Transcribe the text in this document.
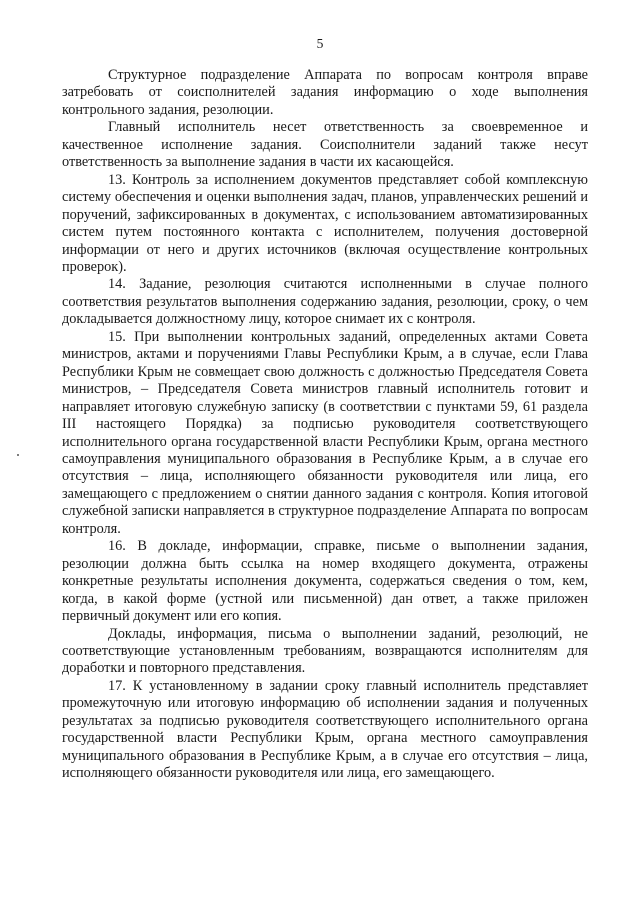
5

Структурное подразделение Аппарата по вопросам контроля вправе затребовать от соисполнителей задания информацию о ходе выполнения контрольного задания, резолюции.

Главный исполнитель несет ответственность за своевременное и качественное исполнение задания. Соисполнители заданий также несут ответственность за выполнение задания в части их касающейся.

13. Контроль за исполнением документов представляет собой комплексную систему обеспечения и оценки выполнения задач, планов, управленческих решений и поручений, зафиксированных в документах, с использованием автоматизированных систем путем постоянного контакта с исполнителем, получения достоверной информации от него и других источников (включая осуществление контрольных проверок).

14. Задание, резолюция считаются исполненными в случае полного соответствия результатов выполнения содержанию задания, резолюции, сроку, о чем докладывается должностному лицу, которое снимает их с контроля.

15. При выполнении контрольных заданий, определенных актами Совета министров, актами и поручениями Главы Республики Крым, а в случае, если Глава Республики Крым не совмещает свою должность с должностью Председателя Совета министров, – Председателя Совета министров главный исполнитель готовит и направляет итоговую служебную записку (в соответствии с пунктами 59, 61 раздела III настоящего Порядка) за подписью руководителя соответствующего исполнительного органа государственной власти Республики Крым, органа местного самоуправления муниципального образования в Республике Крым, а в случае его отсутствия – лица, исполняющего обязанности руководителя или лица, его замещающего с предложением о снятии данного задания с контроля. Копия итоговой служебной записки направляется в структурное подразделение Аппарата по вопросам контроля.

16. В докладе, информации, справке, письме о выполнении задания, резолюции должна быть ссылка на номер входящего документа, отражены конкретные результаты исполнения документа, содержаться сведения о том, кем, когда, в какой форме (устной или письменной) дан ответ, а также приложен первичный документ или его копия.

Доклады, информация, письма о выполнении заданий, резолюций, не соответствующие установленным требованиям, возвращаются исполнителям для доработки и повторного представления.

17. К установленному в задании сроку главный исполнитель представляет промежуточную или итоговую информацию об исполнении задания и полученных результатах за подписью руководителя соответствующего исполнительного органа государственной власти Республики Крым, органа местного самоуправления муниципального образования в Республике Крым, а в случае его отсутствия – лица, исполняющего обязанности руководителя или лица, его замещающего.
